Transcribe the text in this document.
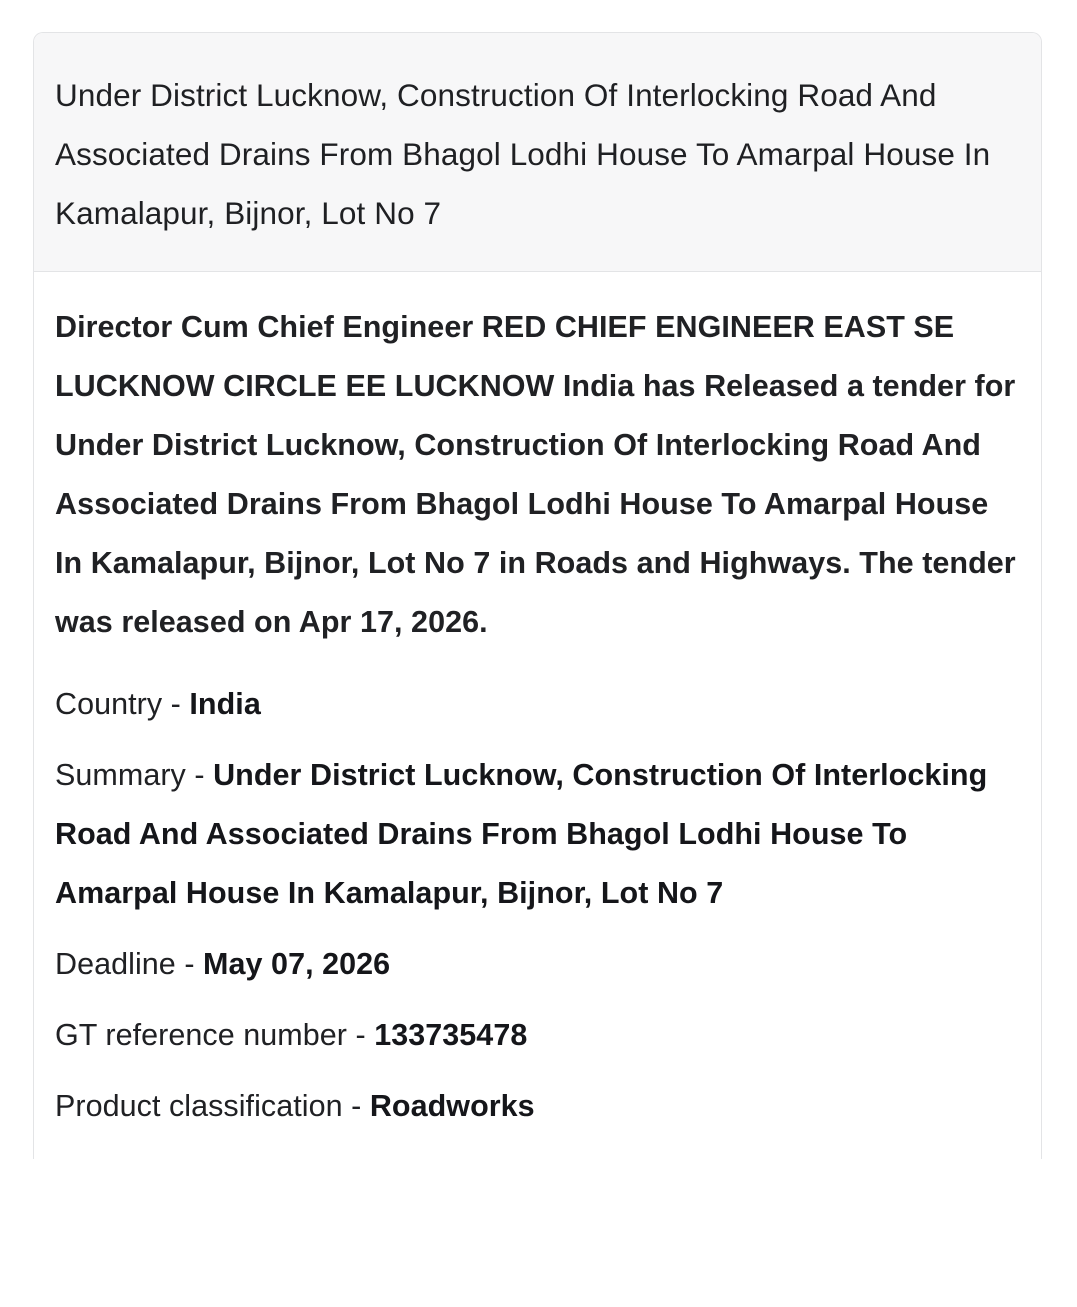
Under District Lucknow, Construction Of Interlocking Road And Associated Drains From Bhagol Lodhi House To Amarpal House In Kamalapur, Bijnor, Lot No 7

Director Cum Chief Engineer RED CHIEF ENGINEER EAST SE LUCKNOW CIRCLE EE LUCKNOW India has Released a tender for Under District Lucknow, Construction Of Interlocking Road And Associated Drains From Bhagol Lodhi House To Amarpal House In Kamalapur, Bijnor, Lot No 7 in Roads and Highways. The tender was released on Apr 17, 2026.

Country - India

Summary - Under District Lucknow, Construction Of Interlocking Road And Associated Drains From Bhagol Lodhi House To Amarpal House In Kamalapur, Bijnor, Lot No 7

Deadline - May 07, 2026

GT reference number - 133735478

Product classification - Roadworks
